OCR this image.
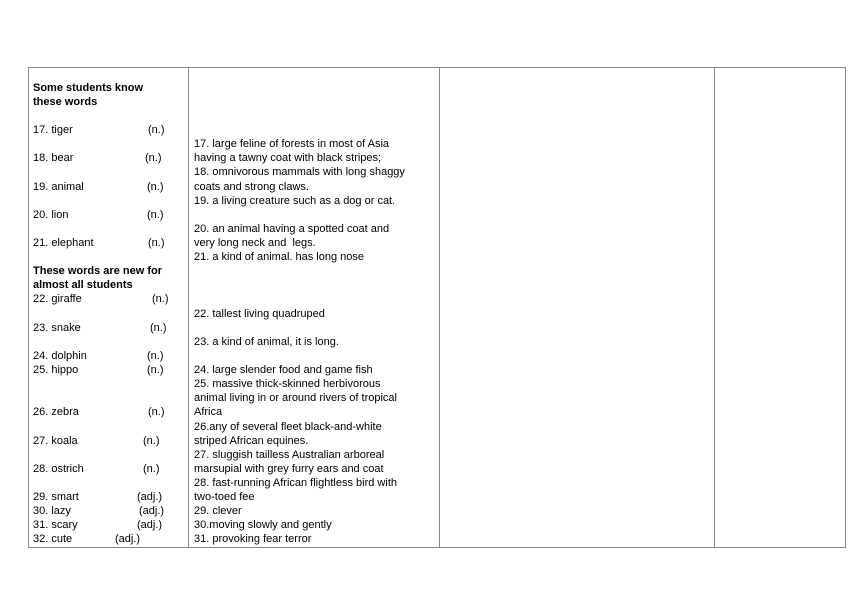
Some students know
these words
17. tiger	(n.)
18. bear	(n.)
19. animal	(n.)
20. lion	(n.)
21. elephant	(n.)
These words are new for
almost all students
22. giraffe	(n.)
23. snake	(n.)
24. dolphin	(n.)
25. hippo	(n.)
26. zebra	(n.)
27. koala	(n.)
28. ostrich	(n.)
29. smart	(adj.)
30. lazy	(adj.)
31. scary	(adj.)
32. cute	(adj.)
17. large feline of forests in most of Asia
having a tawny coat with black stripes;
18. omnivorous mammals with long shaggy
coats and strong claws.
19. a living creature such as a dog or cat.
20. an animal having a spotted coat and
very long neck and  legs.
21. a kind of animal. has long nose
22. tallest living quadruped
23. a kind of animal, it is long.
24. large slender food and game fish
25. massive thick-skinned herbivorous
animal living in or around rivers of tropical
Africa
26.any of several fleet black-and-white
striped African equines.
27. sluggish tailless Australian arboreal
marsupial with grey furry ears and coat
28. fast-running African flightless bird with
two-toed fee
29. clever
30.moving slowly and gently
31. provoking fear terror
